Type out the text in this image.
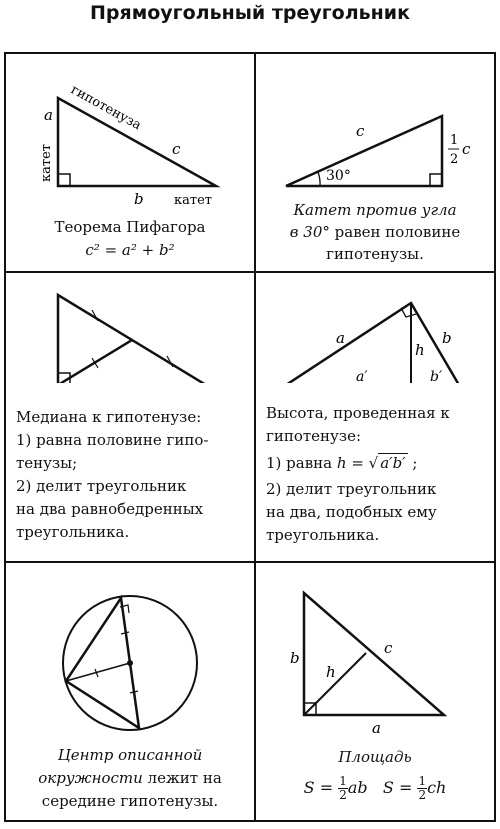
Прямоугольный треугольник
a
катет
гипотенуза
c
b катет
Теорема Пифагора
c² = a² + b²
c
30°
1
2
c
Катет против угла
в 30° равен половине
гипотенузы.
Медиана к гипотенузе:
1) равна половине гипо-
тенузы;
2) делит треугольник
на два равнобедренных
треугольника.
a	b
h
a′	b′
Высота, проведенная к
гипотенузе:
1) равна h = √ a′b′ ;
2) делит треугольник
на два, подобных ему
треугольника.
Центр описанной
окружности лежит на
середине гипотенузы.
b
h
c
a
Площадь
$S = \frac{1}{2}$ ab $S = \frac{1}{2}$ ch
